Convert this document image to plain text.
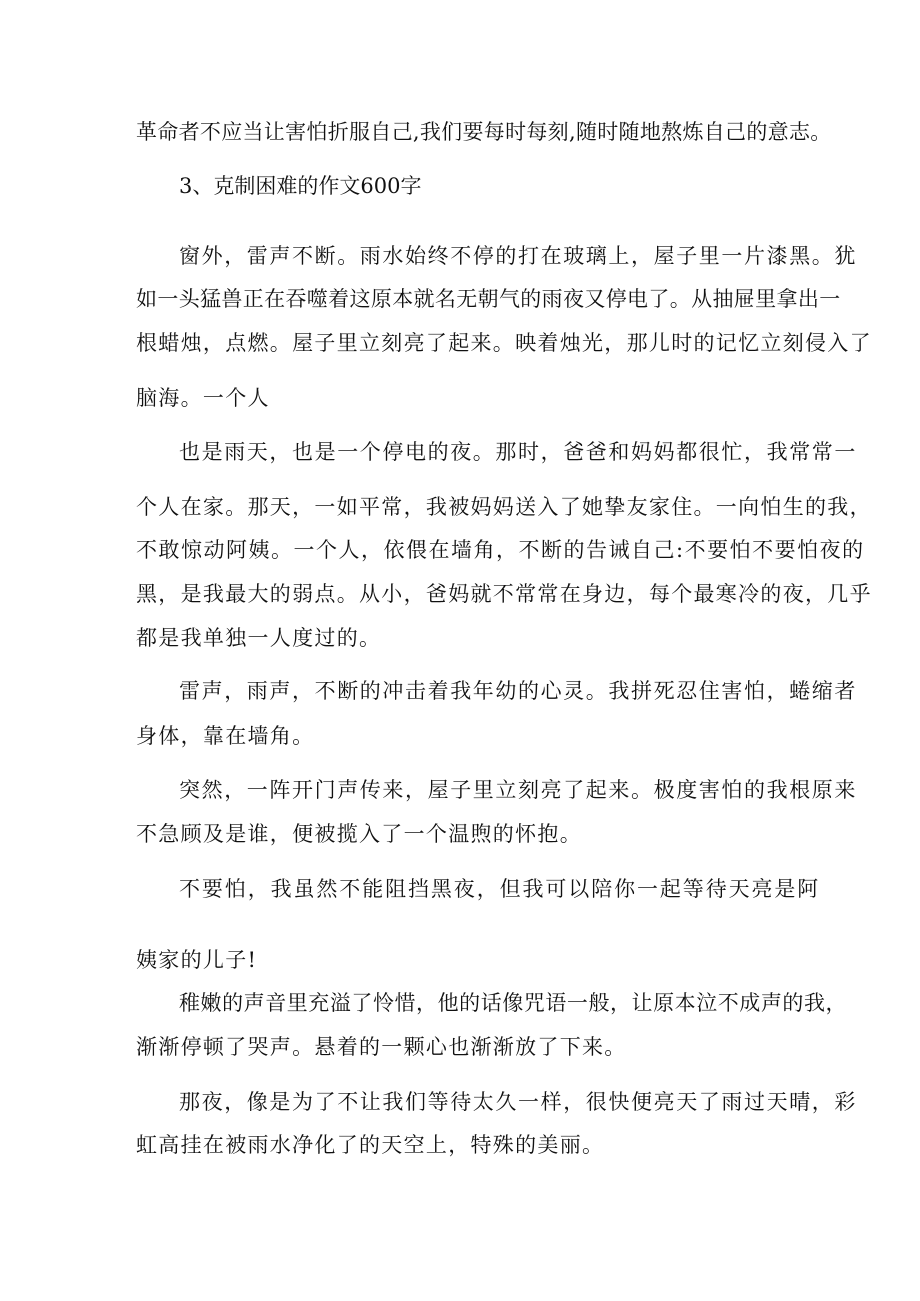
革命者不应当让害怕折服自己,我们要每时每刻,随时随地熬炼自己的意志。

3、克制困难的作文600字

窗外，雷声不断。雨水始终不停的打在玻璃上，屋子里一片漆黑。犹

如一头猛兽正在吞噬着这原本就名无朝气的雨夜又停电了。从抽屉里拿出一

根蜡烛，点燃。屋子里立刻亮了起来。映着烛光，那儿时的记忆立刻侵入了

脑海。一个人

也是雨天，也是一个停电的夜。那时，爸爸和妈妈都很忙，我常常一

个人在家。那天，一如平常，我被妈妈送入了她挚友家住。一向怕生的我，

不敢惊动阿姨。一个人，依偎在墙角，不断的告诫自己:不要怕不要怕夜的

黑，是我最大的弱点。从小，爸妈就不常常在身边，每个最寒冷的夜，几乎

都是我单独一人度过的。

雷声，雨声，不断的冲击着我年幼的心灵。我拼死忍住害怕，蜷缩者

身体，靠在墙角。

突然，一阵开门声传来，屋子里立刻亮了起来。极度害怕的我根原来

不急顾及是谁，便被揽入了一个温煦的怀抱。

不要怕，我虽然不能阻挡黑夜，但我可以陪你一起等待天亮是阿

姨家的儿子!

稚嫩的声音里充溢了怜惜，他的话像咒语一般，让原本泣不成声的我，

渐渐停顿了哭声。悬着的一颗心也渐渐放了下来。

那夜，像是为了不让我们等待太久一样，很快便亮天了雨过天晴，彩

虹高挂在被雨水净化了的天空上，特殊的美丽。
